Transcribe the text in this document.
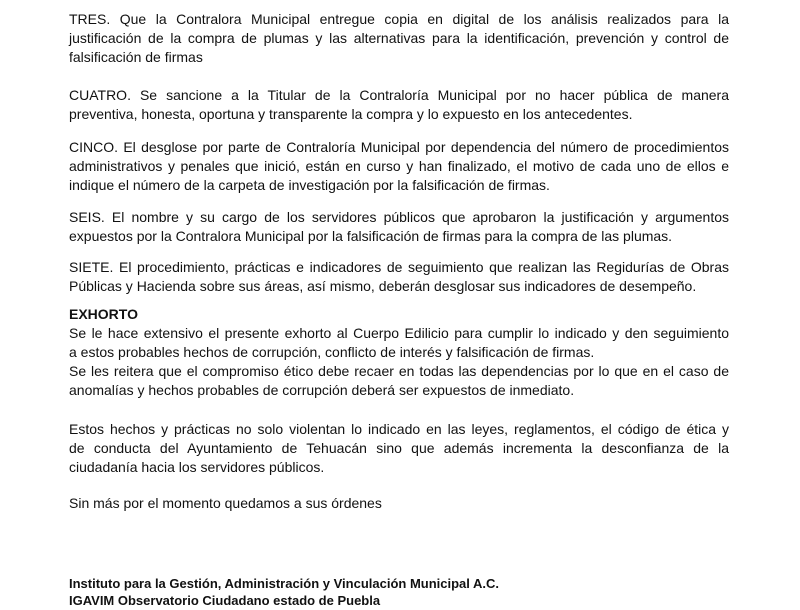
TRES. Que la Contralora Municipal entregue copia en digital de los análisis realizados para la
justificación de la compra de plumas y las alternativas para la identificación, prevención y control de
falsificación de firmas
CUATRO. Se sancione a la Titular de la Contraloría Municipal por no hacer pública de manera
preventiva, honesta, oportuna y transparente la compra y lo expuesto en los antecedentes.
CINCO. El desglose por parte de Contraloría Municipal por dependencia del número de procedimientos
administrativos y penales que inició, están en curso y han finalizado, el motivo de cada uno de ellos e
indique el número de la carpeta de investigación por la falsificación de firmas.
SEIS. El nombre y su cargo de los servidores públicos que aprobaron la justificación y argumentos
expuestos por la Contralora Municipal por la falsificación de firmas para la compra de las plumas.
SIETE. El procedimiento, prácticas e indicadores de seguimiento que realizan las Regidurías de Obras
Públicas y Hacienda sobre sus áreas, así mismo, deberán desglosar sus indicadores de desempeño.
EXHORTO
Se le hace extensivo el presente exhorto al Cuerpo Edilicio para cumplir lo indicado y den seguimiento
a estos probables hechos de corrupción, conflicto de interés y falsificación de firmas.
Se les reitera que el compromiso ético debe recaer en todas las dependencias por lo que en el caso de
anomalías y hechos probables de corrupción deberá ser expuestos de inmediato.
Estos hechos y prácticas no solo violentan lo indicado en las leyes, reglamentos, el código de ética y
de conducta del Ayuntamiento de Tehuacán sino que además incrementa la desconfianza de la
ciudadanía hacia los servidores públicos.
Sin más por el momento quedamos a sus órdenes
Instituto para la Gestión, Administración y Vinculación Municipal A.C.
IGAVIM Observatorio Ciudadano estado de Puebla
